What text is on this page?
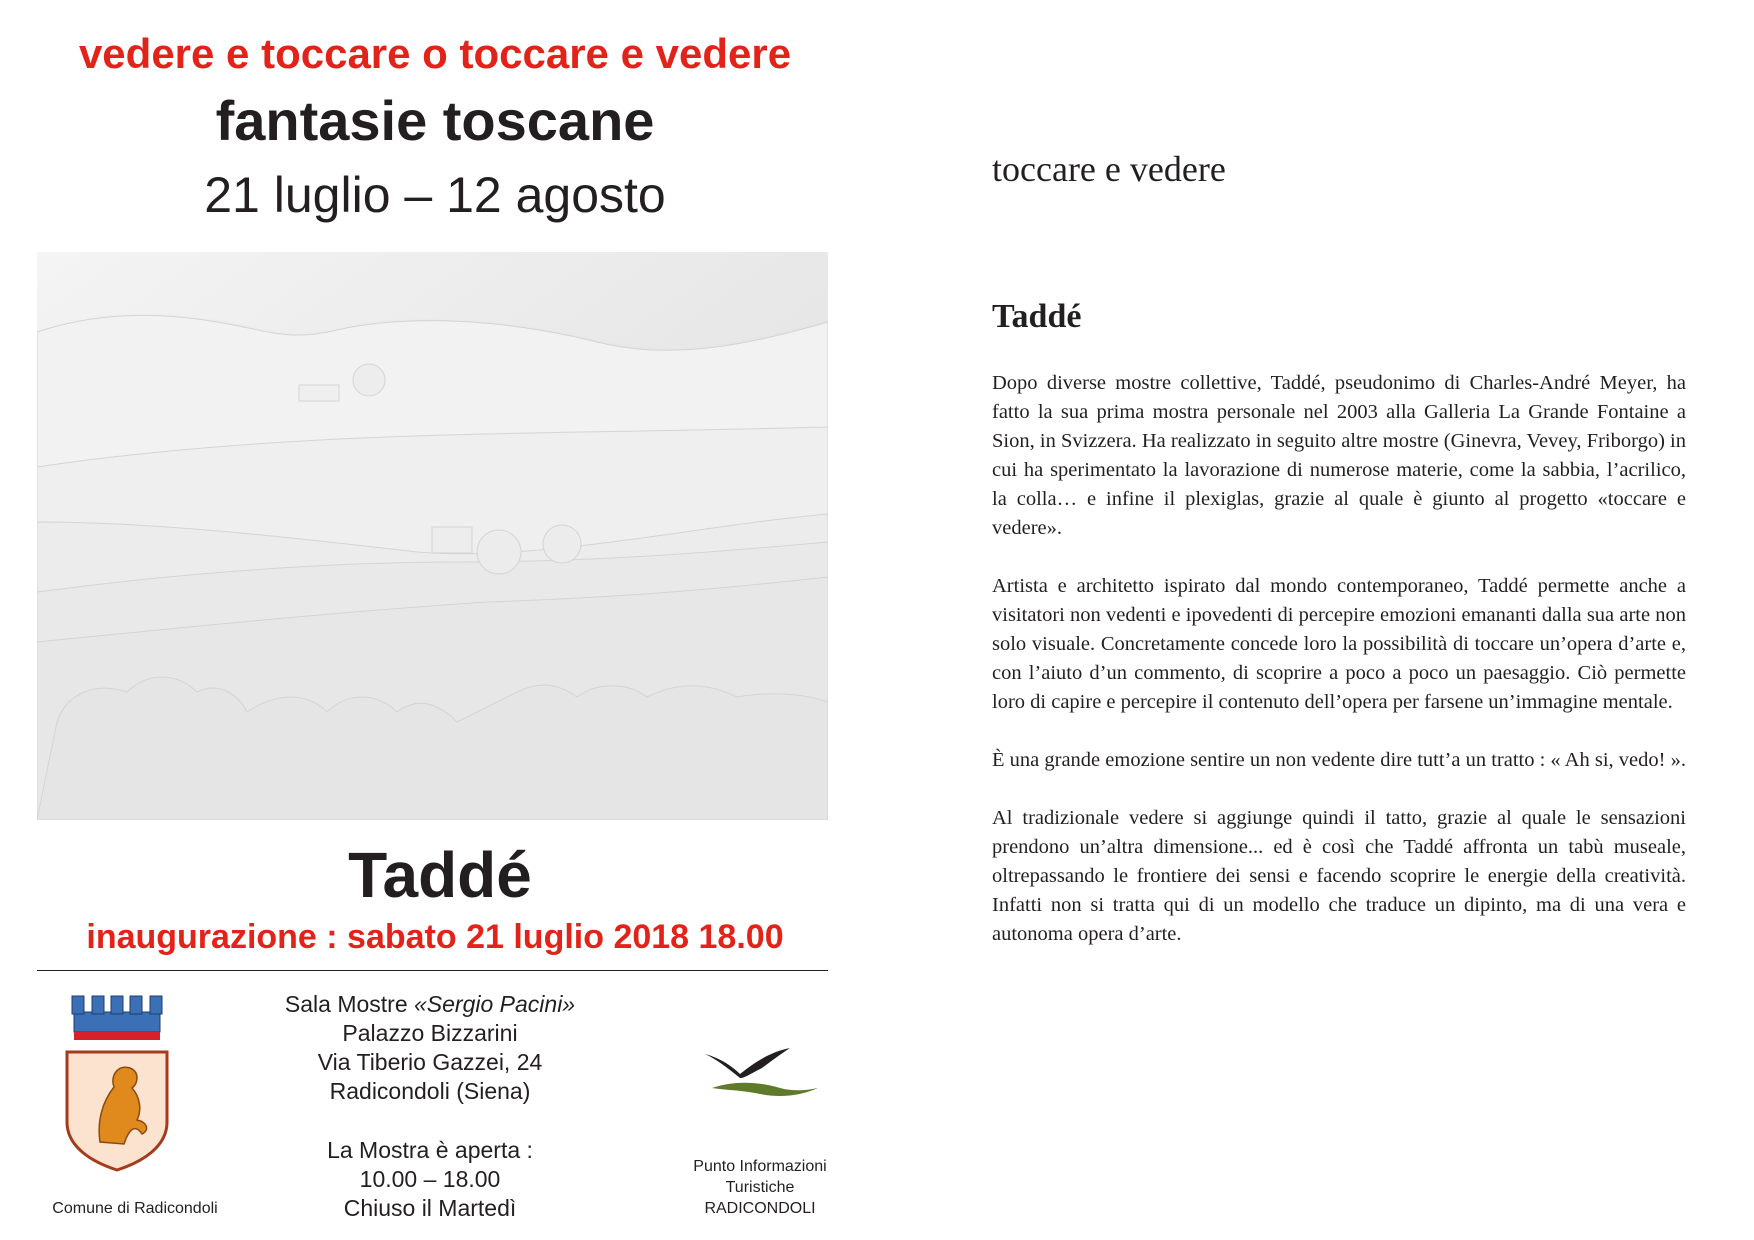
vedere e toccare o toccare e vedere
fantasie toscane
21 luglio – 12 agosto
Taddé
inaugurazione : sabato 21 luglio 2018 18.00
Comune di Radicondoli
Sala Mostre «Sergio Pacini»
Palazzo Bizzarini
Via Tiberio Gazzei, 24
Radicondoli (Siena)
La Mostra è aperta :
10.00 – 18.00
Chiuso il Martedì
Punto Informazioni
Turistiche
RADICONDOLI
toccare e vedere
Taddé

Dopo diverse mostre collettive, Taddé, pseudonimo di Charles-André Meyer, ha fatto la sua prima mostra personale nel 2003 alla Galleria La Grande Fontaine a Sion, in Svizzera. Ha realizzato in seguito altre mostre (Ginevra, Vevey, Friborgo) in cui ha sperimentato la lavorazione di numerose materie, come la sabbia, l’acrilico, la colla… e infine il plexiglas, grazie al quale è giunto al progetto «toccare e vedere».

Artista e architetto ispirato dal mondo contemporaneo, Taddé permette anche a visitatori non vedenti e ipovedenti di percepire emozioni emananti dalla sua arte non solo visuale. Concretamente concede loro la possibilità di toccare un’opera d’arte e, con l’aiuto d’un commento, di scoprire a poco a poco un paesaggio. Ciò permette loro di capire e percepire il contenuto dell’opera per farsene un’immagine mentale.

È una grande emozione sentire un non vedente dire tutt’a un tratto : « Ah si, vedo! ».

Al tradizionale vedere si aggiunge quindi il tatto, grazie al quale le sensazioni prendono un’altra dimensione... ed è così che Taddé affronta un tabù museale, oltrepassando le frontiere dei sensi e facendo scoprire le energie della creatività. Infatti non si tratta qui di un modello che traduce un dipinto, ma di una vera e autonoma opera d’arte.
